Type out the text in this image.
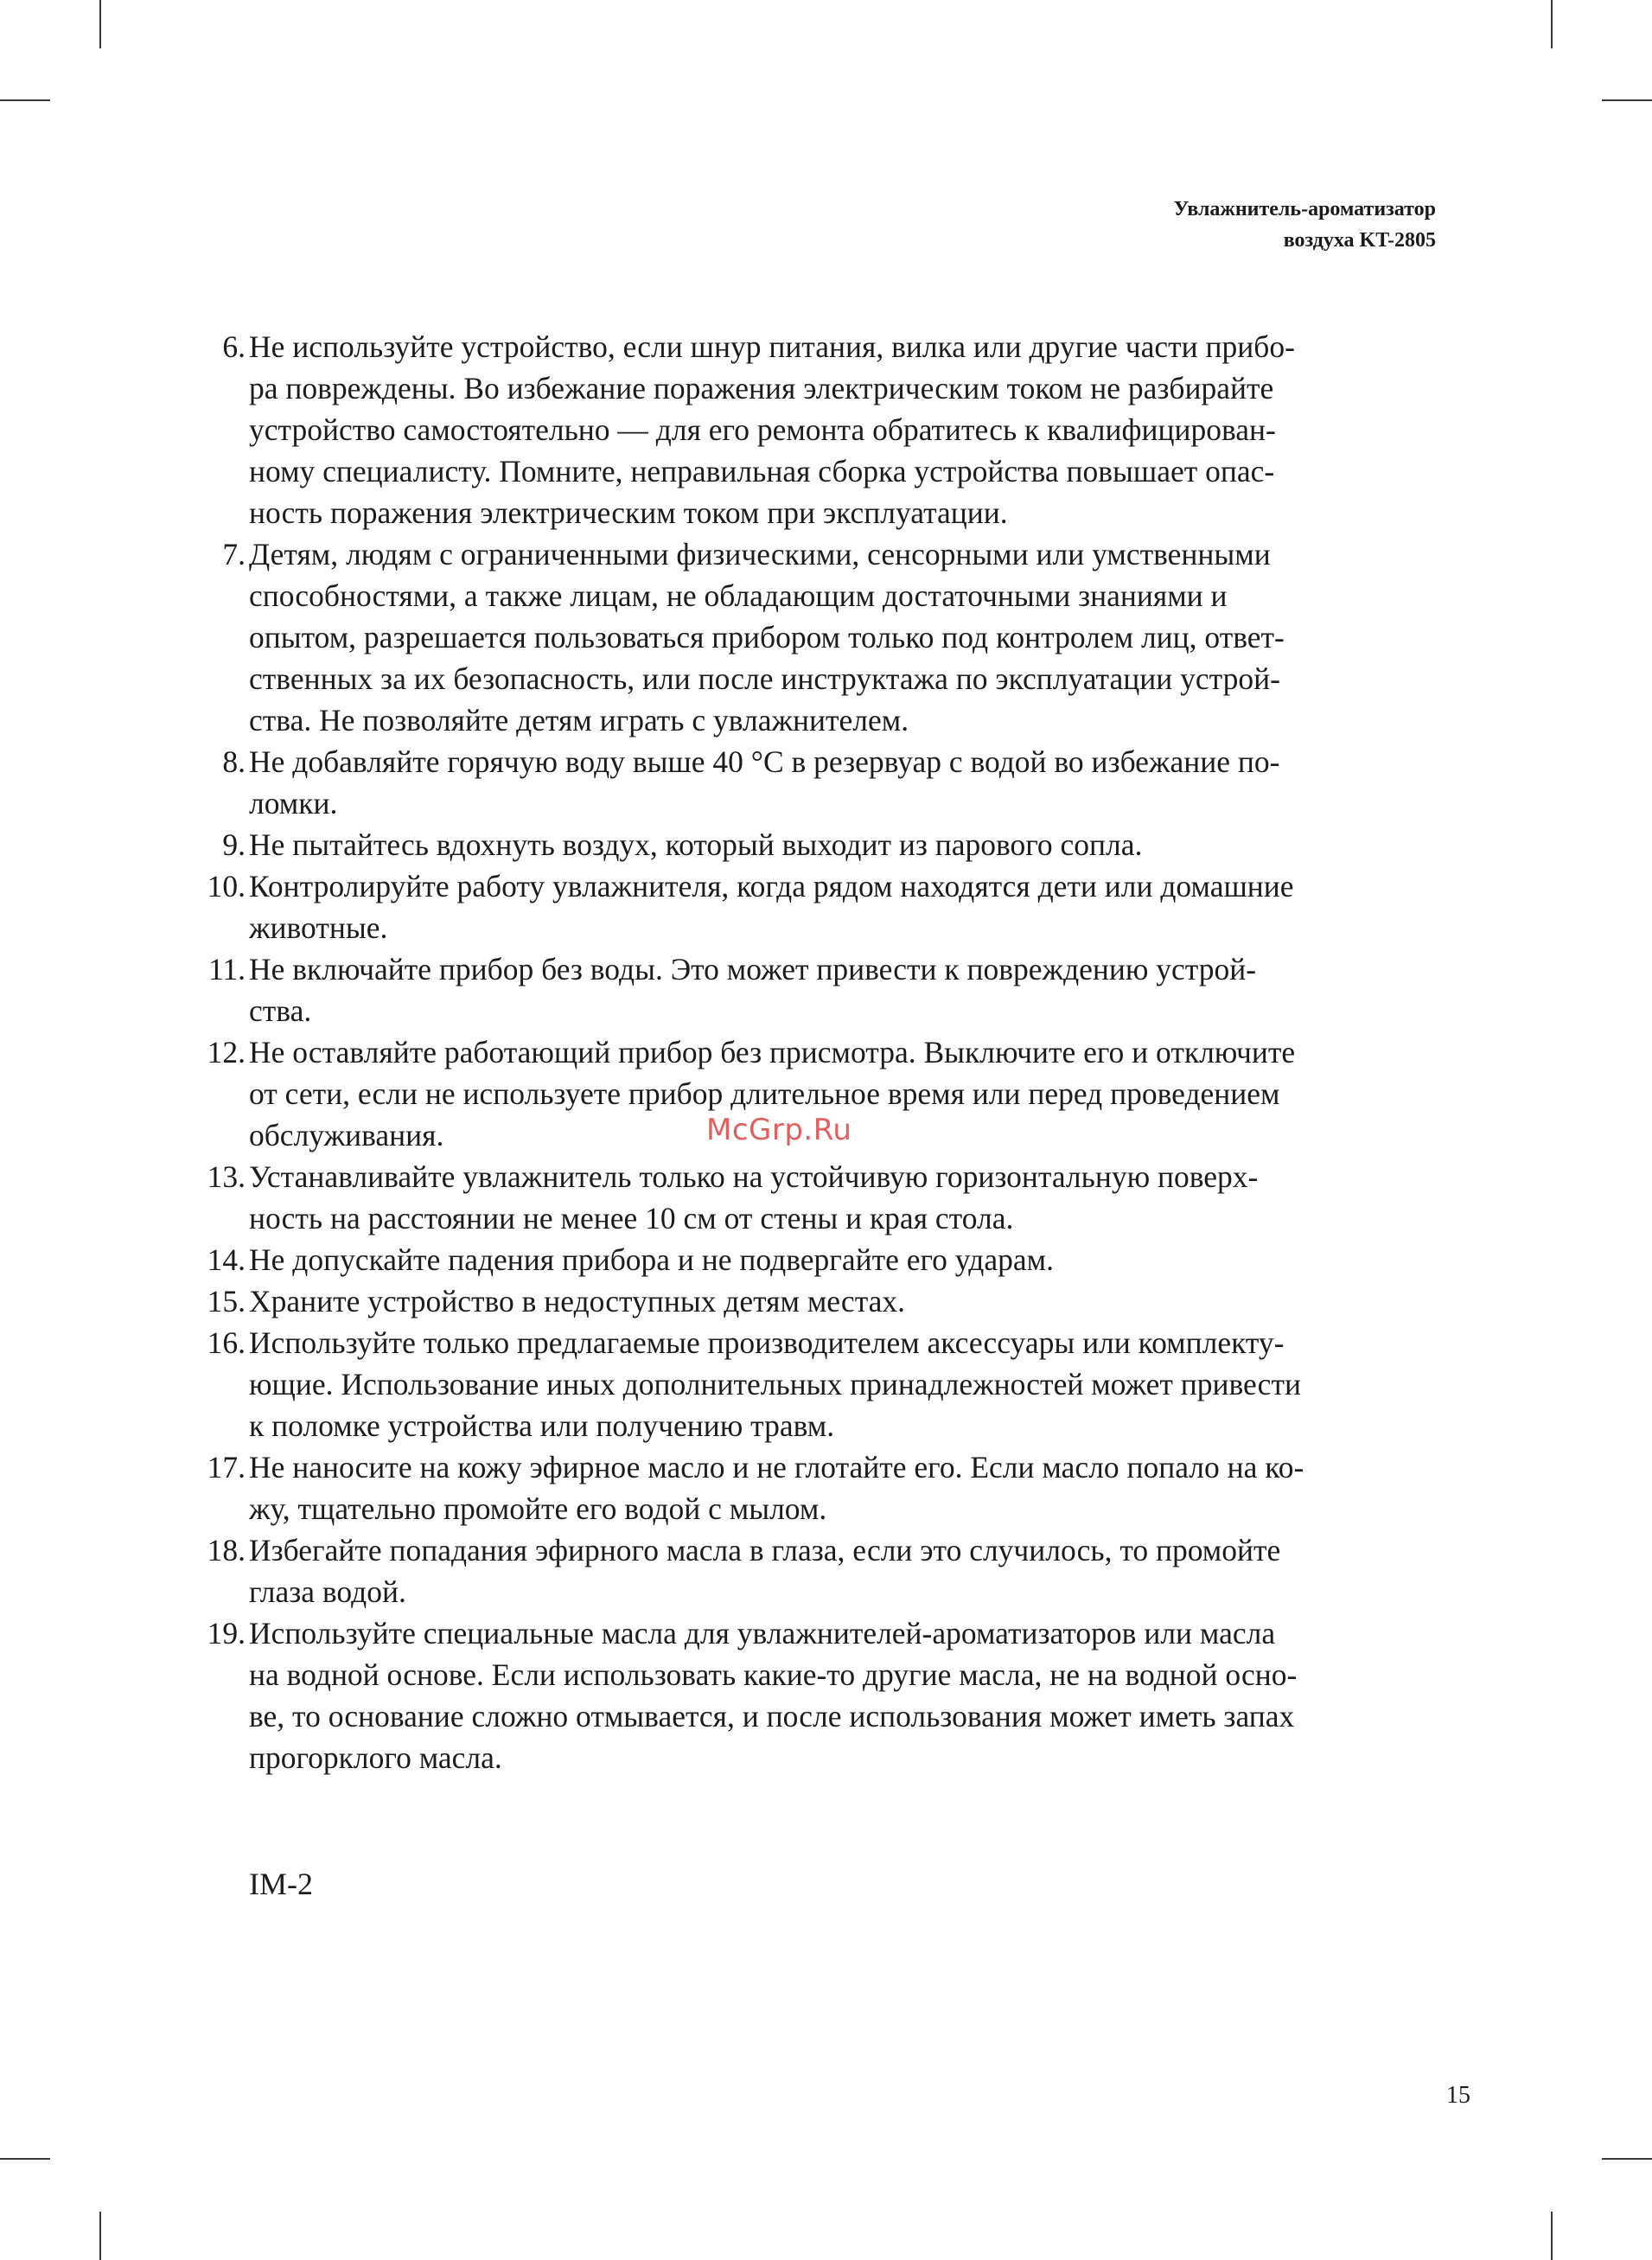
Увлажнитель-ароматизатор
воздуха KT-2805
6. Не используйте устройство, если шнур питания, вилка или другие части прибо-
ра повреждены. Во избежание поражения электрическим током не разбирайте
устройство самостоятельно — для его ремонта обратитесь к квалифицирован-
ному специалисту. Помните, неправильная сборка устройства повышает опас-
ность поражения электрическим током при эксплуатации.
7. Детям, людям с ограниченными физическими, сенсорными или умственными
способностями, а также лицам, не обладающим достаточными знаниями и
опытом, разрешается пользоваться прибором только под контролем лиц, ответ-
ственных за их безопасность, или после инструктажа по эксплуатации устрой-
ства. Не позволяйте детям играть с увлажнителем.
8. Не добавляйте горячую воду выше 40 °С в резервуар с водой во избежание по-
ломки.
9. Не пытайтесь вдохнуть воздух, который выходит из парового сопла.
10. Контролируйте работу увлажнителя, когда рядом находятся дети или домашние
животные.
11. Не включайте прибор без воды. Это может привести к повреждению устрой-
ства.
12. Не оставляйте работающий прибор без присмотра. Выключите его и отключите
от сети, если не используете прибор длительное время или перед проведением
обслуживания.
13. Устанавливайте увлажнитель только на устойчивую горизонтальную поверх-
ность на расстоянии не менее 10 см от стены и края стола.
14. Не допускайте падения прибора и не подвергайте его ударам.
15. Храните устройство в недоступных детям местах.
16. Используйте только предлагаемые производителем аксессуары или комплекту-
ющие. Использование иных дополнительных принадлежностей может привести
к поломке устройства или получению травм.
17. Не наносите на кожу эфирное масло и не глотайте его. Если масло попало на ко-
жу, тщательно промойте его водой с мылом.
18. Избегайте попадания эфирного масла в глаза, если это случилось, то промойте
глаза водой.
19. Используйте специальные масла для увлажнителей-ароматизаторов или масла
на водной основе. Если использовать какие-то другие масла, не на водной осно-
ве, то основание сложно отмывается, и после использования может иметь запах
прогорклого масла.
McGrp.Ru
IM-2
15
